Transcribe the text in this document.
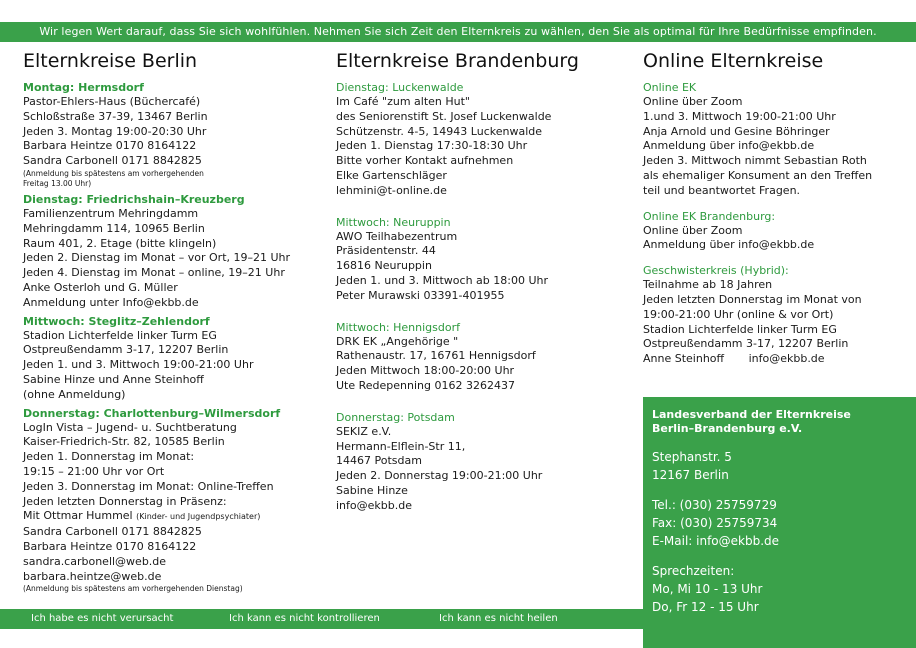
Wir legen Wert darauf, dass Sie sich wohlfühlen. Nehmen Sie sich Zeit den Elternkreis zu wählen, den Sie als optimal für Ihre Bedürfnisse empfinden.
Elternkreise Berlin
Montag: Hermsdorf
Pastor-Ehlers-Haus (Büchercafé)
Schloßstraße 37-39, 13467 Berlin
Jeden 3. Montag 19:00-20:30 Uhr
Barbara Heintze 0170 8164122
Sandra Carbonell 0171 8842825
(Anmeldung bis spätestens am vorhergehenden
Freitag 13.00 Uhr)
Dienstag: Friedrichshain–Kreuzberg
Familienzentrum Mehringdamm
Mehringdamm 114, 10965 Berlin
Raum 401, 2. Etage (bitte klingeln)
Jeden 2. Dienstag im Monat – vor Ort, 19–21 Uhr
Jeden 4. Dienstag im Monat – online, 19–21 Uhr
Anke Osterloh und G. Müller
Anmeldung unter Info@ekbb.de
Mittwoch: Steglitz–Zehlendorf
Stadion Lichterfelde linker Turm EG
Ostpreußendamm 3-17, 12207 Berlin
Jeden 1. und 3. Mittwoch 19:00-21:00 Uhr
Sabine Hinze und Anne Steinhoff
(ohne Anmeldung)
Donnerstag: Charlottenburg–Wilmersdorf
LogIn Vista – Jugend- u. Suchtberatung
Kaiser-Friedrich-Str. 82, 10585 Berlin
Jeden 1. Donnerstag im Monat:
19:15 – 21:00 Uhr vor Ort
Jeden 3. Donnerstag im Monat: Online-Treffen
Jeden letzten Donnerstag in Präsenz:
Mit Ottmar Hummel (Kinder- und Jugendpsychiater)
Sandra Carbonell 0171 8842825
Barbara Heintze 0170 8164122
sandra.carbonell@web.de
barbara.heintze@web.de
(Anmeldung bis spätestens am vorhergehenden Dienstag)
Elternkreise Brandenburg
Dienstag: Luckenwalde
Im Café "zum alten Hut"
des Seniorenstift St. Josef Luckenwalde
Schützenstr. 4-5, 14943 Luckenwalde
Jeden 1. Dienstag 17:30-18:30 Uhr
Bitte vorher Kontakt aufnehmen
Elke Gartenschläger
lehmini@t-online.de
Mittwoch: Neuruppin
AWO Teilhabezentrum
Präsidentenstr. 44
16816 Neuruppin
Jeden 1. und 3. Mittwoch ab 18:00 Uhr
Peter Murawski 03391-401955
Mittwoch: Hennigsdorf
DRK EK „Angehörige "
Rathenaustr. 17, 16761 Hennigsdorf
Jeden Mittwoch 18:00-20:00 Uhr
Ute Redepenning 0162 3262437
Donnerstag: Potsdam
SEKIZ e.V.
Hermann-Elflein-Str 11,
14467 Potsdam
Jeden 2. Donnerstag 19:00-21:00 Uhr
Sabine Hinze
info@ekbb.de
Online Elternkreise
Online EK
Online über Zoom
1.und 3. Mittwoch 19:00-21:00 Uhr
Anja Arnold und Gesine Böhringer
Anmeldung über info@ekbb.de
Jeden 3. Mittwoch nimmt Sebastian Roth
als ehemaliger Konsument an den Treffen
teil und beantwortet Fragen.
Online EK Brandenburg:
Online über Zoom
Anmeldung über info@ekbb.de
Geschwisterkreis (Hybrid):
Teilnahme ab 18 Jahren
Jeden letzten Donnerstag im Monat von
19:00-21:00 Uhr (online & vor Ort)
Stadion Lichterfelde linker Turm EG
Ostpreußendamm 3-17, 12207 Berlin
Anne Steinhoff       info@ekbb.de
Landesverband der Elternkreise
Berlin–Brandenburg e.V.
Stephanstr. 5
12167 Berlin
Tel.: (030) 25759729
Fax: (030) 25759734
E-Mail: info@ekbb.de
Sprechzeiten:
Mo, Mi 10 - 13 Uhr
Do, Fr 12 - 15 Uhr
Ich habe es nicht verursacht	Ich kann es nicht kontrollieren	Ich kann es nicht heilen
